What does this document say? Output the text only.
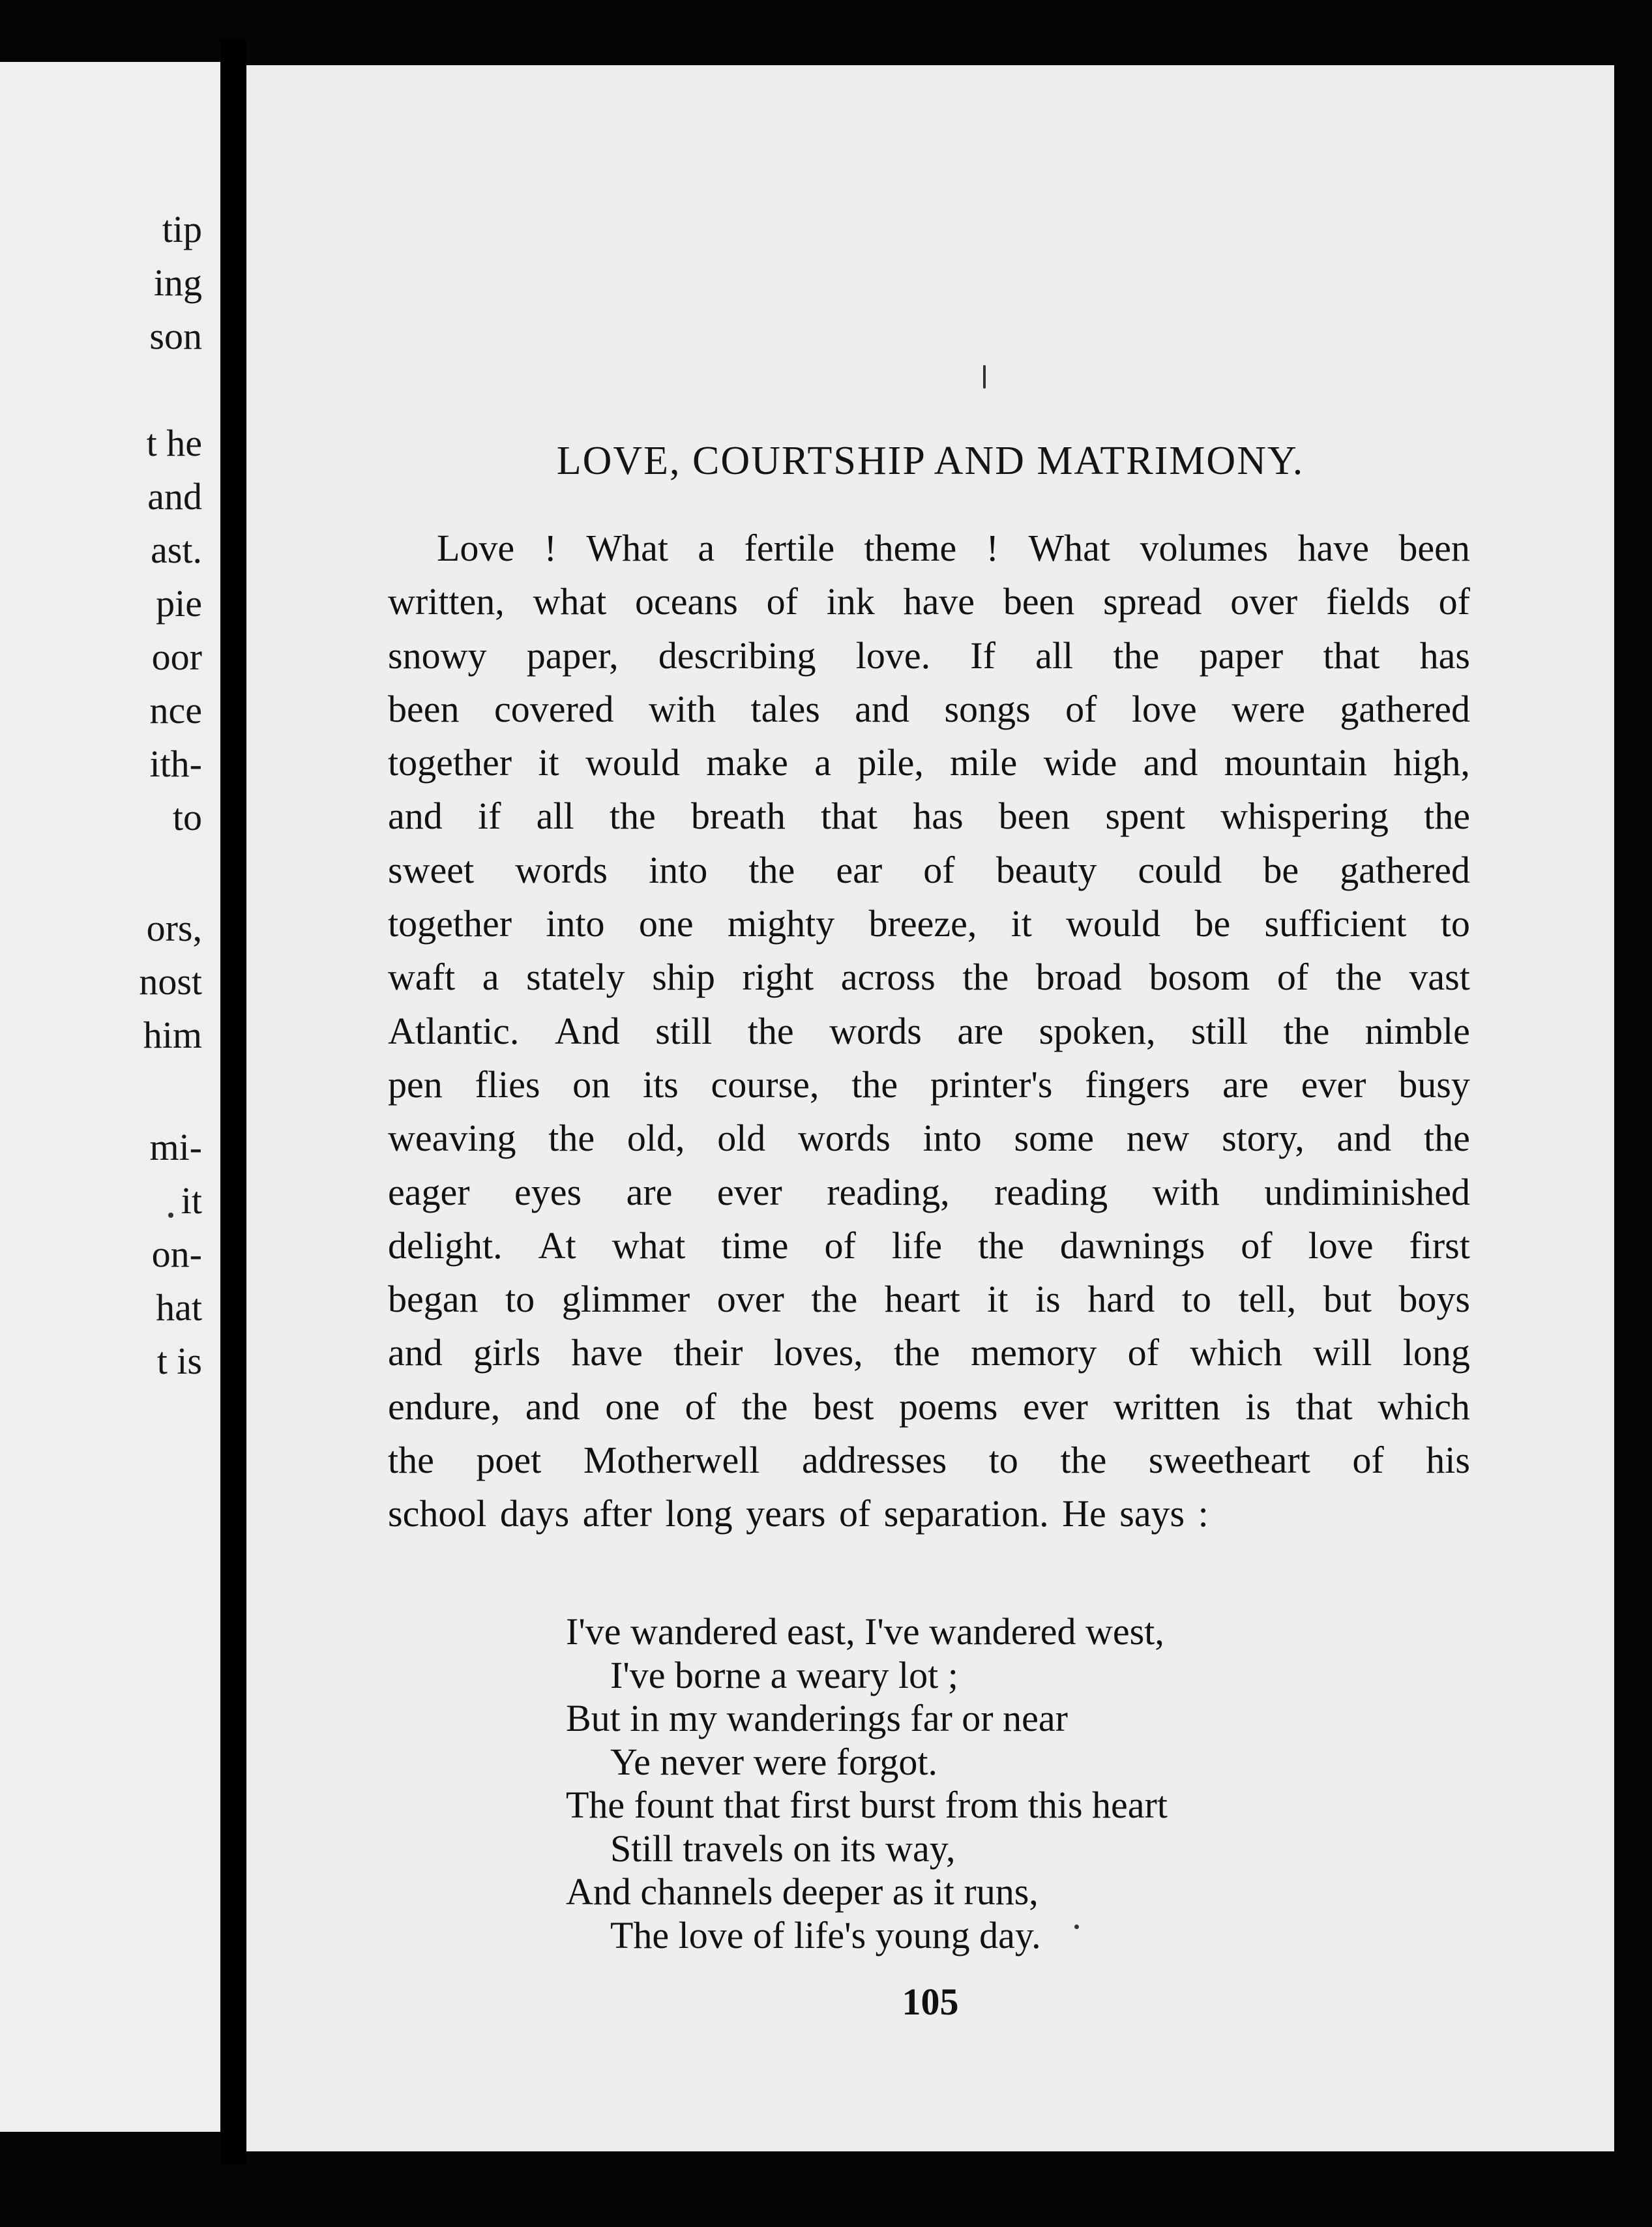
tip
ing
son
t he
and
ast.
pie
oor
nce
ith-
to
ors,
nost
him
mi-
it
on-
hat
t is
LOVE, COURTSHIP AND MATRIMONY.
Love ! What a fertile theme ! What volumes have been
written, what oceans of ink have been spread over fields of
snowy paper, describing love. If all the paper that has
been covered with tales and songs of love were gathered
together it would make a pile, mile wide and mountain high,
and if all the breath that has been spent whispering the
sweet words into the ear of beauty could be gathered
together into one mighty breeze, it would be sufficient to
waft a stately ship right across the broad bosom of the vast
Atlantic. And still the words are spoken, still the nimble
pen flies on its course, the printer's fingers are ever busy
weaving the old, old words into some new story, and the
eager eyes are ever reading, reading with undiminished
delight. At what time of life the dawnings of love first
began to glimmer over the heart it is hard to tell, but boys
and girls have their loves, the memory of which will long
endure, and one of the best poems ever written is that which
the poet Motherwell addresses to the sweetheart of his
school days after long years of separation. He says :
I've wandered east, I've wandered west,
I've borne a weary lot ;
But in my wanderings far or near
Ye never were forgot.
The fount that first burst from this heart
Still travels on its way,
And channels deeper as it runs,
The love of life's young day.
105
